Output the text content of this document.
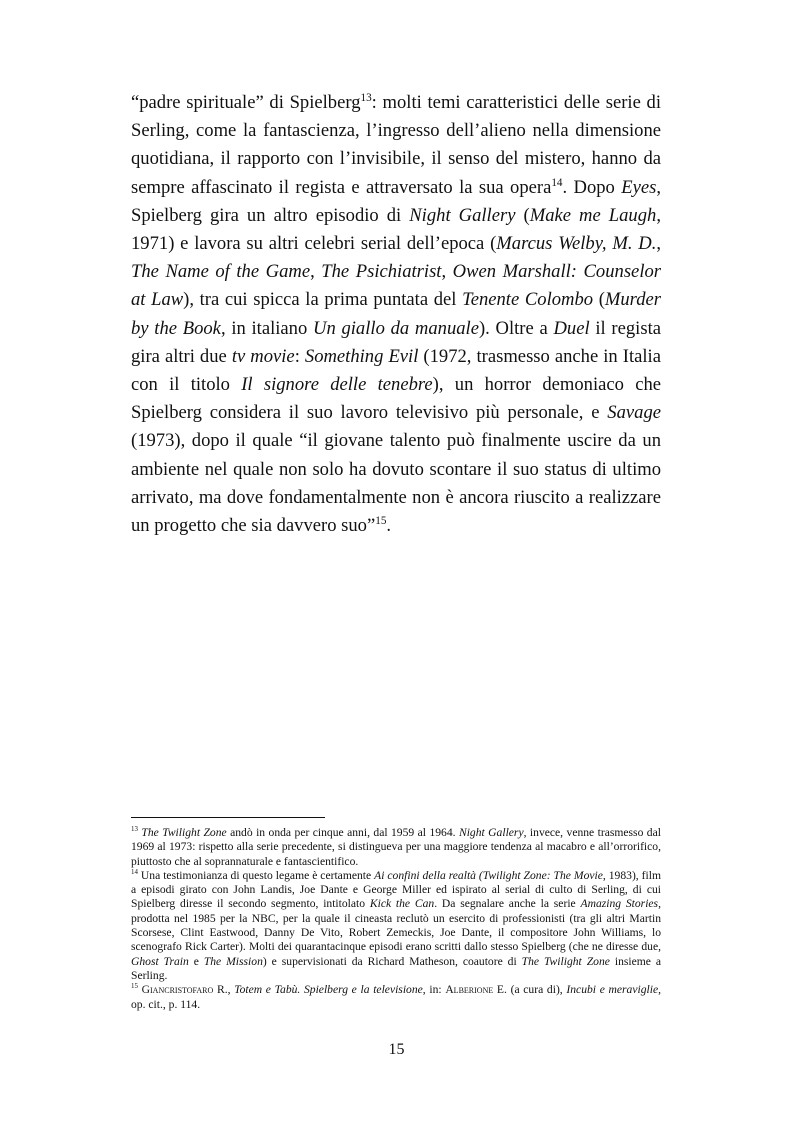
“padre spirituale” di Spielberg$^{13}$: molti temi caratteristici delle serie di Serling, come la fantascienza, l’ingresso dell’alieno nella dimensione quotidiana, il rapporto con l’invisibile, il senso del mistero, hanno da sempre affascinato il regista e attraversato la sua opera$^{14}$. Dopo Eyes, Spielberg gira un altro episodio di Night Gallery (Make me Laugh, 1971) e lavora su altri celebri serial dell’epoca (Marcus Welby, M. D., The Name of the Game, The Psichiatrist, Owen Marshall: Counselor at Law), tra cui spicca la prima puntata del Tenente Colombo (Murder by the Book, in italiano Un giallo da manuale). Oltre a Duel il regista gira altri due tv movie: Something Evil (1972, trasmesso anche in Italia con il titolo Il signore delle tenebre), un horror demoniaco che Spielberg considera il suo lavoro televisivo più personale, e Savage (1973), dopo il quale “il giovane talento può finalmente uscire da un ambiente nel quale non solo ha dovuto scontare il suo status di ultimo arrivato, ma dove fondamentalmente non è ancora riuscito a realizzare un progetto che sia davvero suo”$^{15}$.

$^{13}$ The Twilight Zone andò in onda per cinque anni, dal 1959 al 1964. Night Gallery, invece, venne trasmesso dal 1969 al 1973: rispetto alla serie precedente, si distingueva per una maggiore tendenza al macabro e all’orrorifico, piuttosto che al soprannaturale e fantascientifico.

$^{14}$ Una testimonianza di questo legame è certamente Ai confini della realtà (Twilight Zone: The Movie, 1983), film a episodi girato con John Landis, Joe Dante e George Miller ed ispirato al serial di culto di Serling, di cui Spielberg diresse il secondo segmento, intitolato Kick the Can. Da segnalare anche la serie Amazing Stories, prodotta nel 1985 per la NBC, per la quale il cineasta reclutò un esercito di professionisti (tra gli altri Martin Scorsese, Clint Eastwood, Danny De Vito, Robert Zemeckis, Joe Dante, il compositore John Williams, lo scenografo Rick Carter). Molti dei quarantacinque episodi erano scritti dallo stesso Spielberg (che ne diresse due, Ghost Train e The Mission) e supervisionati da Richard Matheson, coautore di The Twilight Zone insieme a Serling.

$^{15}$ Giancristofaro R., Totem e Tabù. Spielberg e la televisione, in: Alberione E. (a cura di), Incubi e meraviglie, op. cit., p. 114.

15
